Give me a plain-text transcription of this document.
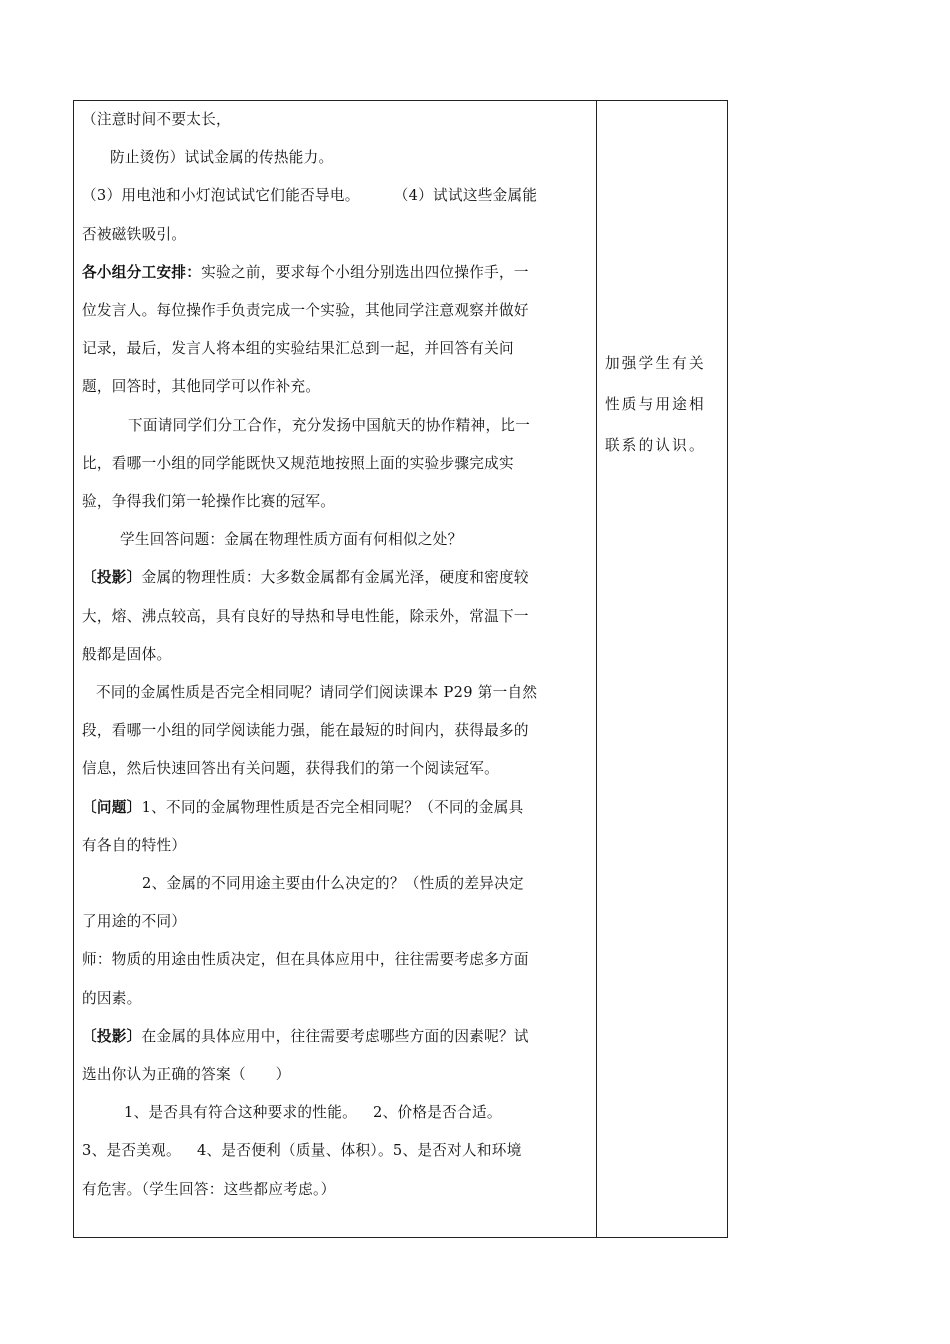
（注意时间不要太长，

防止烫伤）试试金属的传热能力。

（3）用电池和小灯泡试试它们能否导电。 （4）试试这些金属能

否被磁铁吸引。

各小组分工安排：实验之前，要求每个小组分别选出四位操作手，一

位发言人。每位操作手负责完成一个实验，其他同学注意观察并做好

记录，最后，发言人将本组的实验结果汇总到一起，并回答有关问

题，回答时，其他同学可以作补充。

下面请同学们分工合作，充分发扬中国航天的协作精神，比一

比，看哪一小组的同学能既快又规范地按照上面的实验步骤完成实

验，争得我们第一轮操作比赛的冠军。

学生回答问题：金属在物理性质方面有何相似之处？

〔投影〕金属的物理性质：大多数金属都有金属光泽，硬度和密度较

大，熔、沸点较高，具有良好的导热和导电性能，除汞外，常温下一

般都是固体。

不同的金属性质是否完全相同呢？请同学们阅读课本 P29 第一自然

段，看哪一小组的同学阅读能力强，能在最短的时间内，获得最多的

信息，然后快速回答出有关问题，获得我们的第一个阅读冠军。

〔问题〕1、不同的金属物理性质是否完全相同呢？（不同的金属具

有各自的特性）

2、金属的不同用途主要由什么决定的？（性质的差异决定

了用途的不同）

师：物质的用途由性质决定，但在具体应用中，往往需要考虑多方面

的因素。

〔投影〕在金属的具体应用中，往往需要考虑哪些方面的因素呢？试

选出你认为正确的答案（　　）

1、是否具有符合这种要求的性能。 2、价格是否合适。

3、是否美观。 4、是否便利（质量、体积）。5、是否对人和环境

有危害。（学生回答：这些都应考虑。）

加强学生有关
性质与用途相
联系的认识。
